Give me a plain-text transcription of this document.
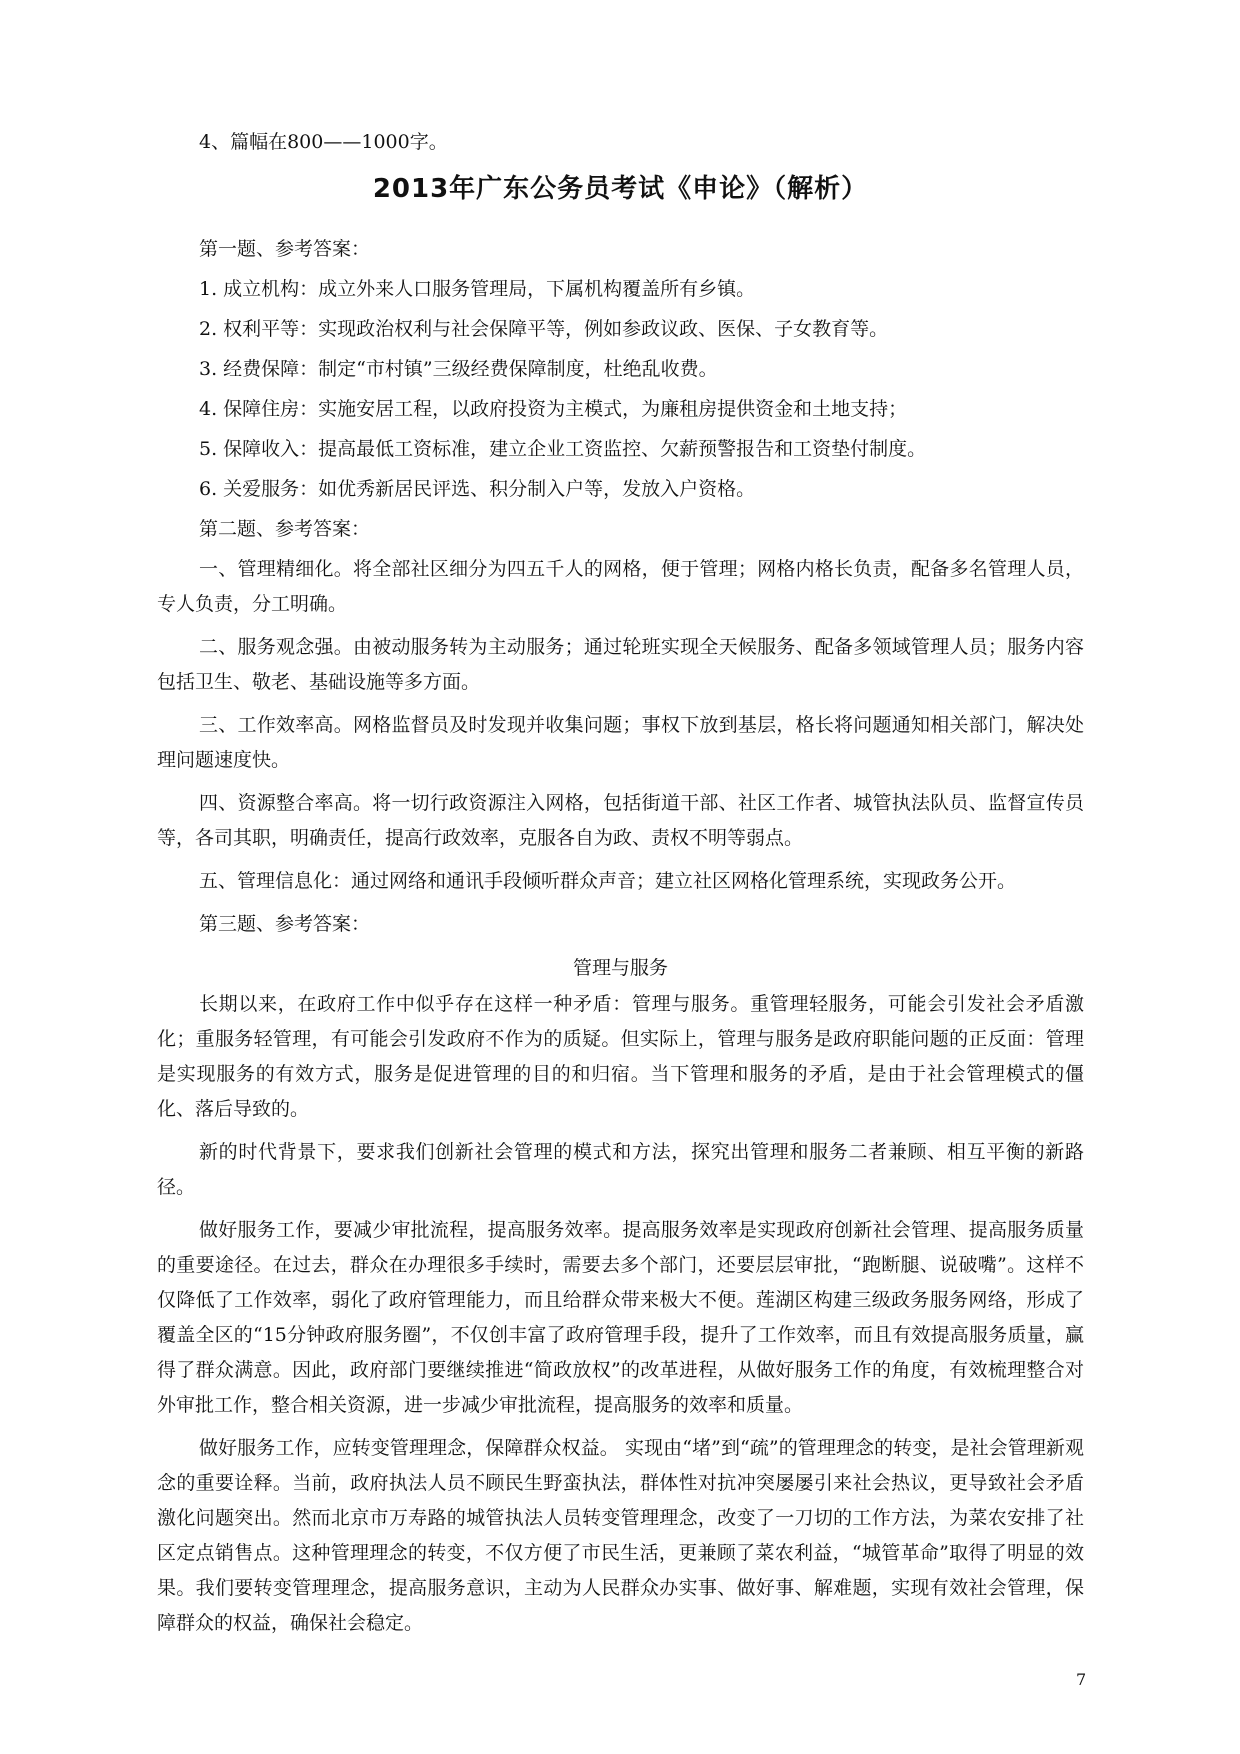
4、篇幅在800——1000字。

2013年广东公务员考试《申论》（解析）

第一题、参考答案：

1. 成立机构：成立外来人口服务管理局，下属机构覆盖所有乡镇。

2. 权利平等：实现政治权利与社会保障平等，例如参政议政、医保、子女教育等。

3. 经费保障：制定“市村镇”三级经费保障制度，杜绝乱收费。

4. 保障住房：实施安居工程，以政府投资为主模式，为廉租房提供资金和土地支持；

5. 保障收入：提高最低工资标准，建立企业工资监控、欠薪预警报告和工资垫付制度。

6. 关爱服务：如优秀新居民评选、积分制入户等，发放入户资格。

第二题、参考答案：

一、管理精细化。将全部社区细分为四五千人的网格，便于管理；网格内格长负责，配备多名管理人员，专人负责，分工明确。

二、服务观念强。由被动服务转为主动服务；通过轮班实现全天候服务、配备多领域管理人员；服务内容包括卫生、敬老、基础设施等多方面。

三、工作效率高。网格监督员及时发现并收集问题；事权下放到基层，格长将问题通知相关部门，解决处理问题速度快。

四、资源整合率高。将一切行政资源注入网格，包括街道干部、社区工作者、城管执法队员、监督宣传员等，各司其职，明确责任，提高行政效率，克服各自为政、责权不明等弱点。

五、管理信息化：通过网络和通讯手段倾听群众声音；建立社区网格化管理系统，实现政务公开。

第三题、参考答案：

管理与服务

长期以来，在政府工作中似乎存在这样一种矛盾：管理与服务。重管理轻服务，可能会引发社会矛盾激化；重服务轻管理，有可能会引发政府不作为的质疑。但实际上，管理与服务是政府职能问题的正反面：管理是实现服务的有效方式，服务是促进管理的目的和归宿。当下管理和服务的矛盾，是由于社会管理模式的僵化、落后导致的。

新的时代背景下，要求我们创新社会管理的模式和方法，探究出管理和服务二者兼顾、相互平衡的新路径。

做好服务工作，要减少审批流程，提高服务效率。提高服务效率是实现政府创新社会管理、提高服务质量的重要途径。在过去，群众在办理很多手续时，需要去多个部门，还要层层审批，“跑断腿、说破嘴”。这样不仅降低了工作效率，弱化了政府管理能力，而且给群众带来极大不便。莲湖区构建三级政务服务网络，形成了覆盖全区的“15分钟政府服务圈”，不仅创丰富了政府管理手段，提升了工作效率，而且有效提高服务质量，赢得了群众满意。因此，政府部门要继续推进“简政放权”的改革进程，从做好服务工作的角度，有效梳理整合对外审批工作，整合相关资源，进一步减少审批流程，提高服务的效率和质量。

做好服务工作，应转变管理理念，保障群众权益。 实现由“堵”到“疏”的管理理念的转变，是社会管理新观念的重要诠释。当前，政府执法人员不顾民生野蛮执法，群体性对抗冲突屡屡引来社会热议，更导致社会矛盾激化问题突出。然而北京市万寿路的城管执法人员转变管理理念，改变了一刀切的工作方法，为菜农安排了社区定点销售点。这种管理理念的转变，不仅方便了市民生活，更兼顾了菜农利益，“城管革命”取得了明显的效果。我们要转变管理理念，提高服务意识，主动为人民群众办实事、做好事、解难题，实现有效社会管理，保障群众的权益，确保社会稳定。

7
